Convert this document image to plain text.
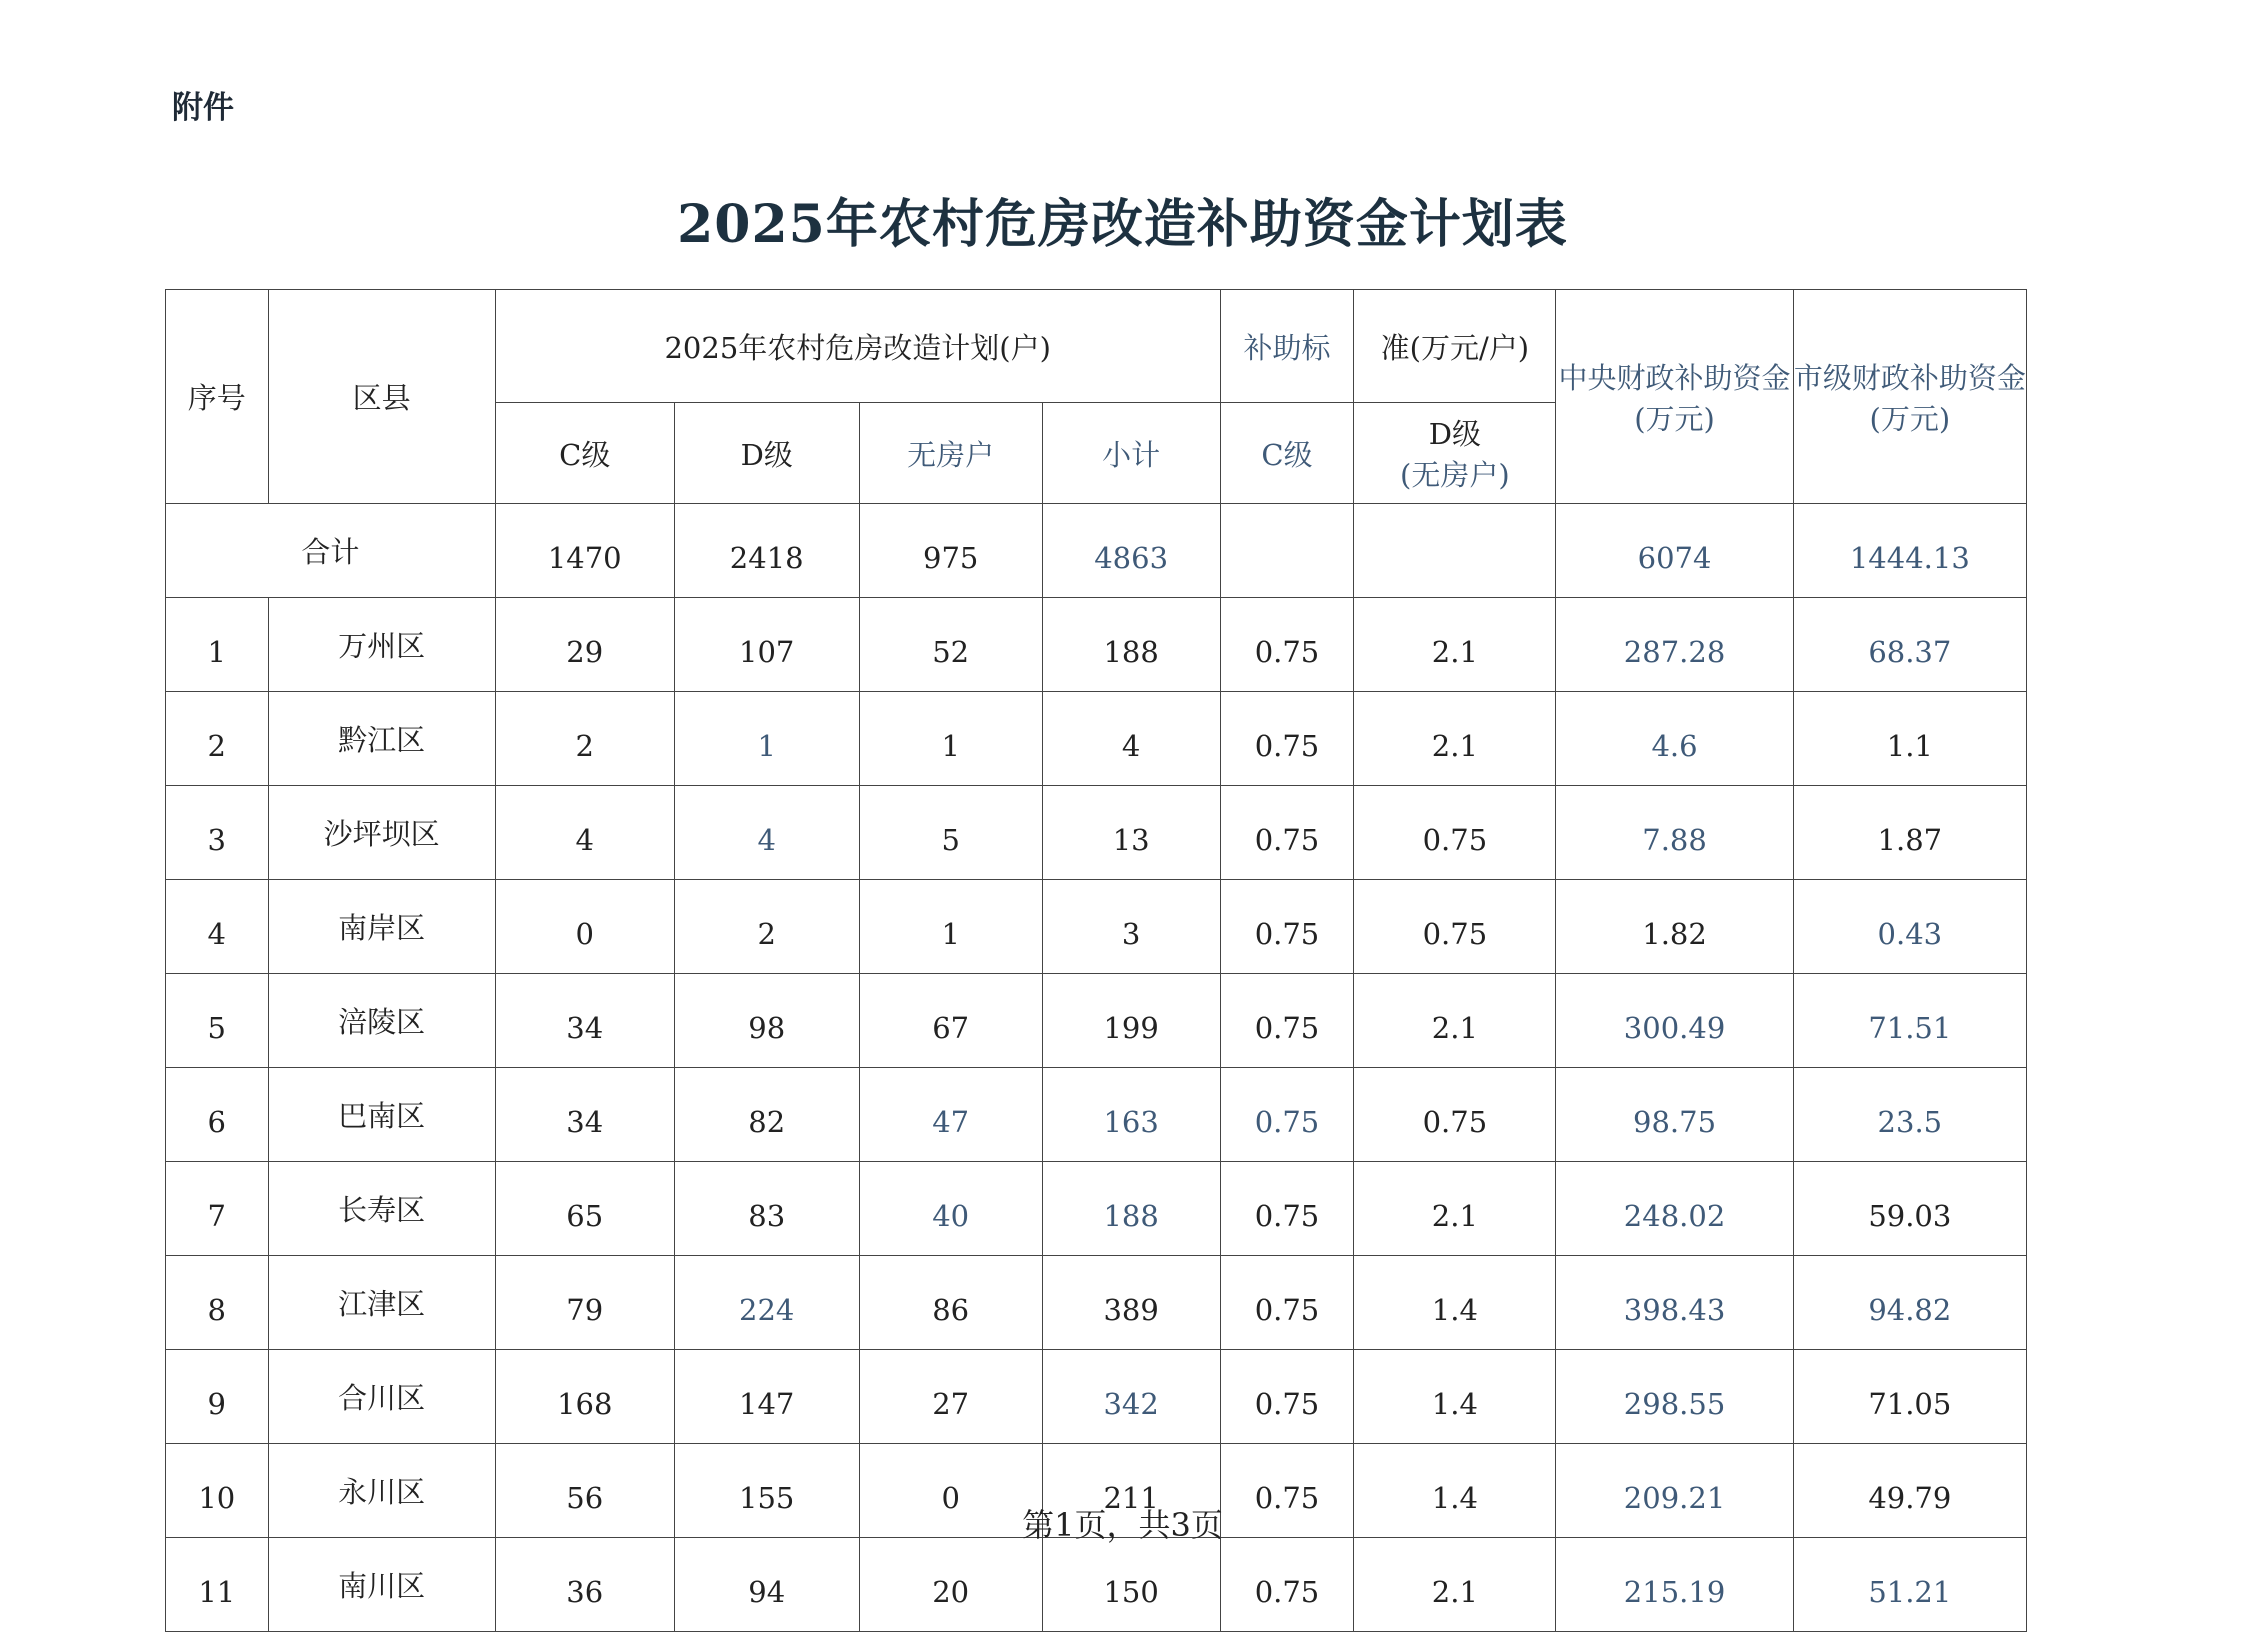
附件
2025年农村危房改造补助资金计划表
序号	区县	2025年农村危房改造计划(户)				补助标	准(万元/户)	中央财政补助资金(万元)	市级财政补助资金(万元)
		C级	D级	无房户	小计	C级	D级
(无房户)		

合计		1470	2418	975	4863			6074	1444.13
1	万州区	29	107	52	188	0.75	2.1	287.28	68.37
2	黔江区	2	1	1	4	0.75	2.1	4.6	1.1
3	沙坪坝区	4	4	5	13	0.75	0.75	7.88	1.87
4	南岸区	0	2	1	3	0.75	0.75	1.82	0.43
5	涪陵区	34	98	67	199	0.75	2.1	300.49	71.51
6	巴南区	34	82	47	163	0.75	0.75	98.75	23.5
7	长寿区	65	83	40	188	0.75	2.1	248.02	59.03
8	江津区	79	224	86	389	0.75	1.4	398.43	94.82
9	合川区	168	147	27	342	0.75	1.4	298.55	71.05
10	永川区	56	155	0	211	0.75	1.4	209.21	49.79
11	南川区	36	94	20	150	0.75	2.1	215.19	51.21
第1页，共3页
